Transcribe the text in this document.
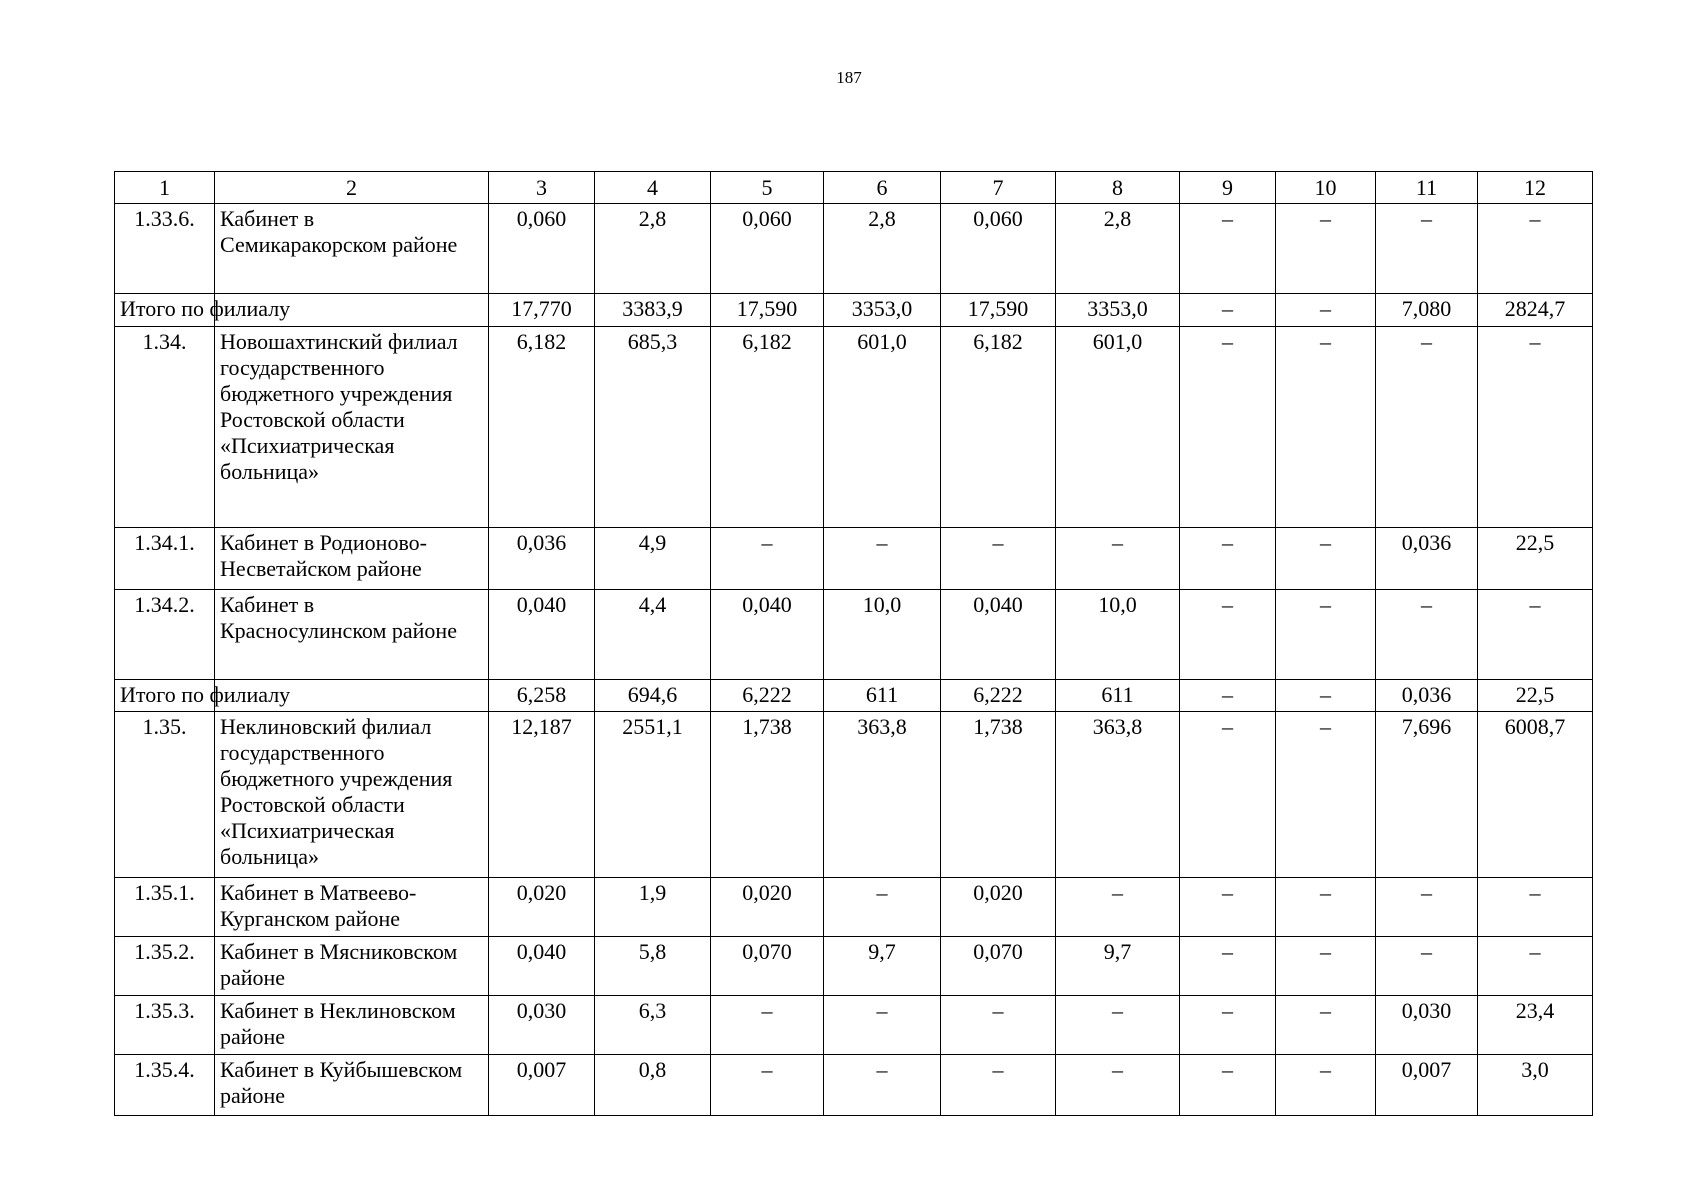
187
1	2	3	4	5	6	7	8	9	10	11	12
1.33.6.	Кабинет в Семикаракорском районе	0,060	2,8	0,060	2,8	0,060	2,8	–	–	–	–
Итого по филиалу		17,770	3383,9	17,590	3353,0	17,590	3353,0	–	–	7,080	2824,7
1.34.	Новошахтинский филиал государственного бюджетного учреждения Ростовской области «Психиатрическая больница»	6,182	685,3	6,182	601,0	6,182	601,0	–	–	–	–
1.34.1.	Кабинет в Родионово-Несветайском районе	0,036	4,9	–	–	–	–	–	–	0,036	22,5
1.34.2.	Кабинет в Красносулинском районе	0,040	4,4	0,040	10,0	0,040	10,0	–	–	–	–
Итого по филиалу		6,258	694,6	6,222	611	6,222	611	–	–	0,036	22,5
1.35.	Неклиновский филиал государственного бюджетного учреждения Ростовской области «Психиатрическая больница»	12,187	2551,1	1,738	363,8	1,738	363,8	–	–	7,696	6008,7
1.35.1.	Кабинет в Матвеево-Курганском районе	0,020	1,9	0,020	–	0,020	–	–	–	–	–
1.35.2.	Кабинет в Мясниковском районе	0,040	5,8	0,070	9,7	0,070	9,7	–	–	–	–
1.35.3.	Кабинет в Неклиновском районе	0,030	6,3	–	–	–	–	–	–	0,030	23,4
1.35.4.	Кабинет в Куйбышевском районе	0,007	0,8	–	–	–	–	–	–	0,007	3,0
